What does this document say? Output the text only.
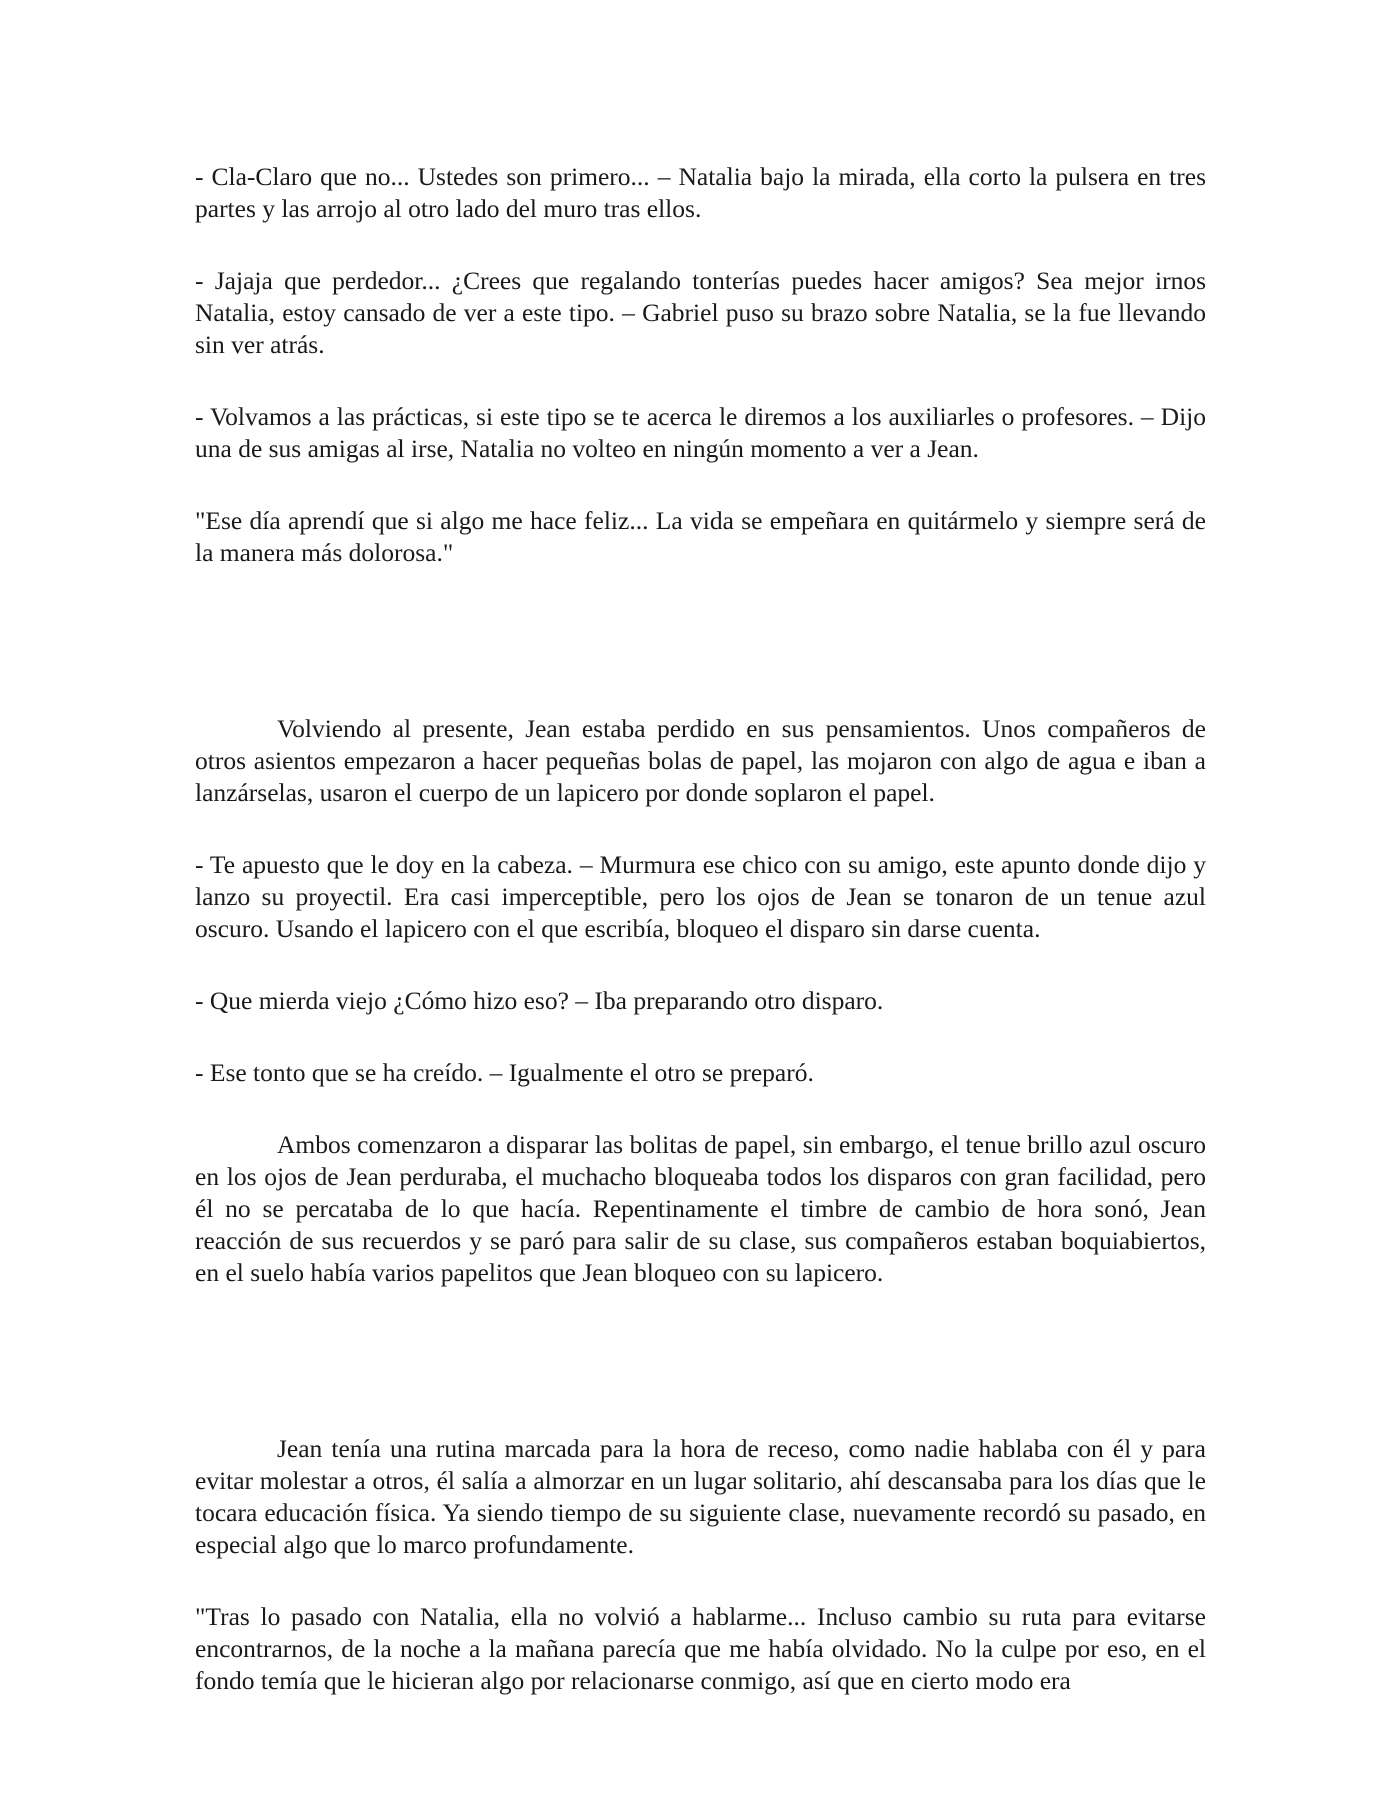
- Cla-Claro que no... Ustedes son primero... – Natalia bajo la mirada, ella corto la pulsera en tres partes y las arrojo al otro lado del muro tras ellos.

- Jajaja que perdedor... ¿Crees que regalando tonterías puedes hacer amigos? Sea mejor irnos Natalia, estoy cansado de ver a este tipo. – Gabriel puso su brazo sobre Natalia, se la fue llevando sin ver atrás.

- Volvamos a las prácticas, si este tipo se te acerca le diremos a los auxiliarles o profesores. – Dijo una de sus amigas al irse, Natalia no volteo en ningún momento a ver a Jean.

"Ese día aprendí que si algo me hace feliz... La vida se empeñara en quitármelo y siempre será de la manera más dolorosa."

Volviendo al presente, Jean estaba perdido en sus pensamientos. Unos compañeros de otros asientos empezaron a hacer pequeñas bolas de papel, las mojaron con algo de agua e iban a lanzárselas, usaron el cuerpo de un lapicero por donde soplaron el papel.

- Te apuesto que le doy en la cabeza. – Murmura ese chico con su amigo, este apunto donde dijo y lanzo su proyectil. Era casi imperceptible, pero los ojos de Jean se tonaron de un tenue azul oscuro. Usando el lapicero con el que escribía, bloqueo el disparo sin darse cuenta.

- Que mierda viejo ¿Cómo hizo eso? – Iba preparando otro disparo.

- Ese tonto que se ha creído. – Igualmente el otro se preparó.

Ambos comenzaron a disparar las bolitas de papel, sin embargo, el tenue brillo azul oscuro en los ojos de Jean perduraba, el muchacho bloqueaba todos los disparos con gran facilidad, pero él no se percataba de lo que hacía. Repentinamente el timbre de cambio de hora sonó, Jean reacción de sus recuerdos y se paró para salir de su clase, sus compañeros estaban boquiabiertos, en el suelo había varios papelitos que Jean bloqueo con su lapicero.

Jean tenía una rutina marcada para la hora de receso, como nadie hablaba con él y para evitar molestar a otros, él salía a almorzar en un lugar solitario, ahí descansaba para los días que le tocara educación física. Ya siendo tiempo de su siguiente clase, nuevamente recordó su pasado, en especial algo que lo marco profundamente.

"Tras lo pasado con Natalia, ella no volvió a hablarme... Incluso cambio su ruta para evitarse encontrarnos, de la noche a la mañana parecía que me había olvidado. No la culpe por eso, en el fondo temía que le hicieran algo por relacionarse conmigo, así que en cierto modo era
